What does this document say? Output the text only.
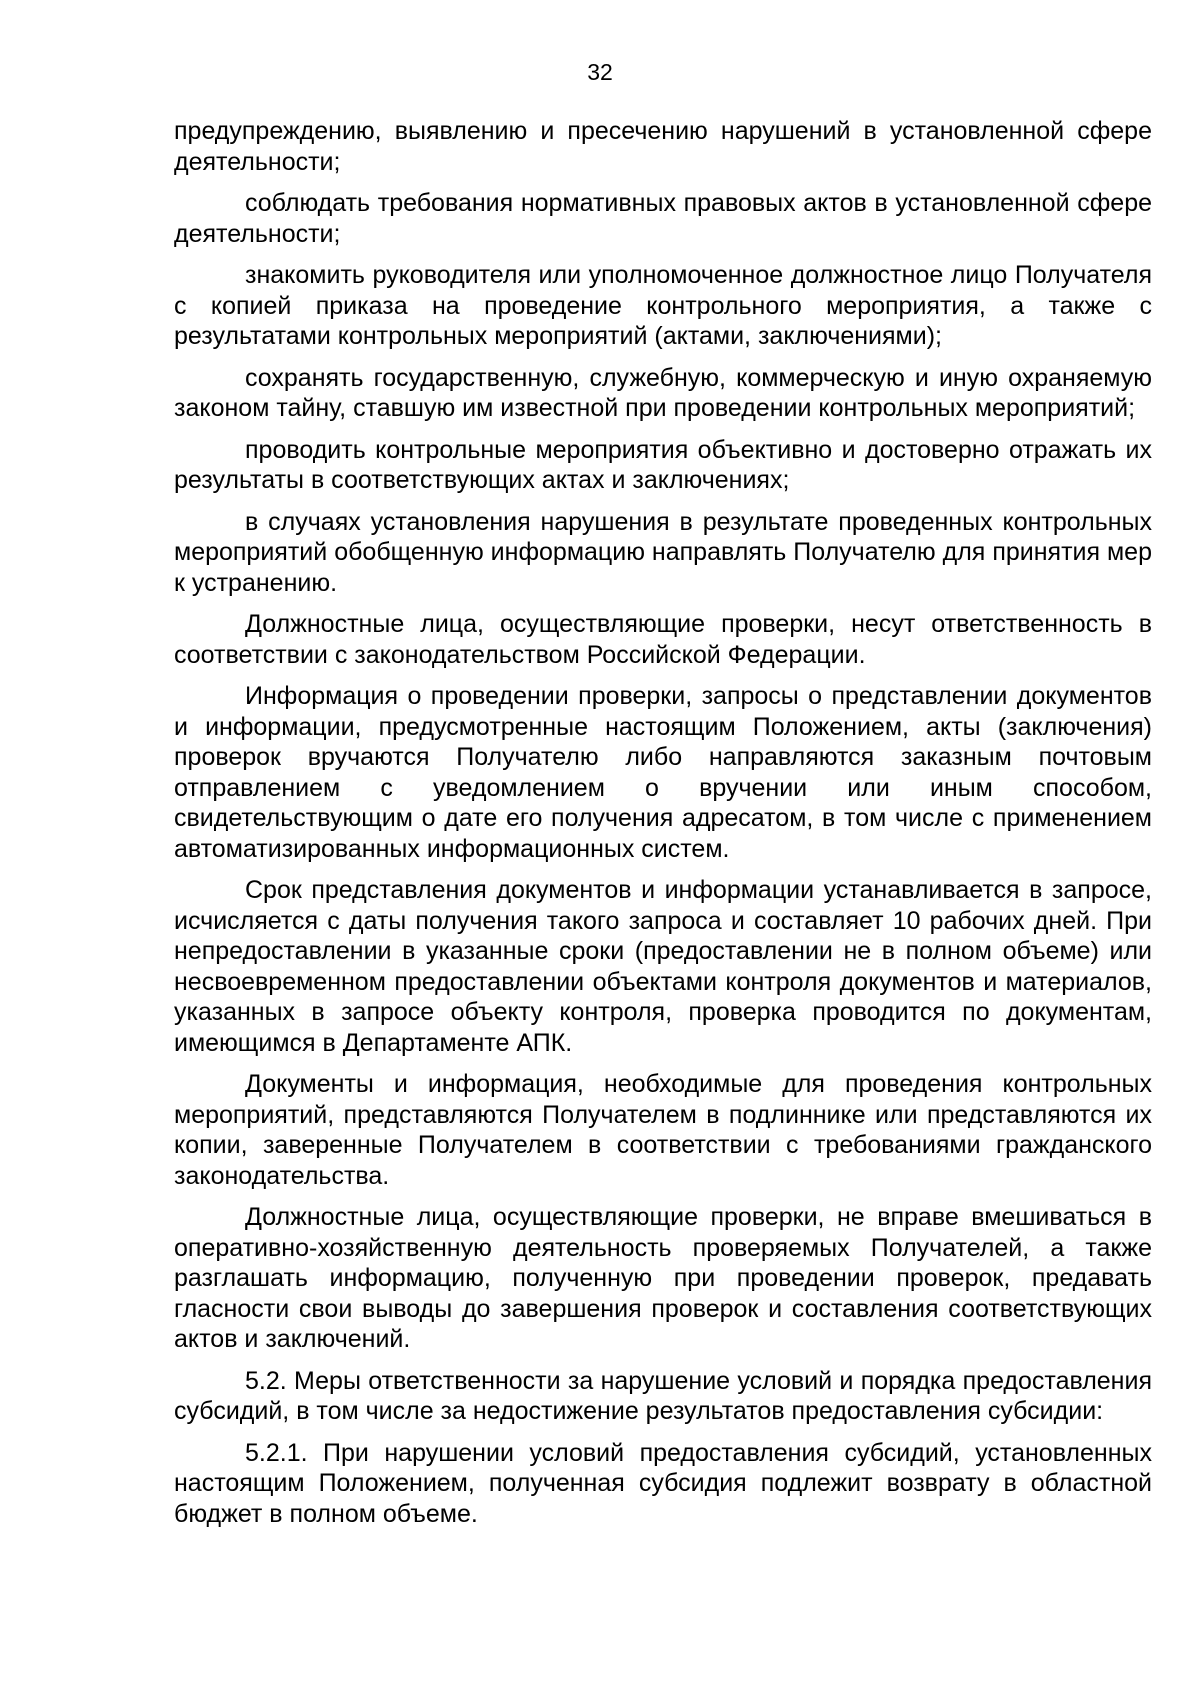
32

предупреждению, выявлению и пресечению нарушений в установленной сфере деятельности;

соблюдать требования нормативных правовых актов в установленной сфере деятельности;

знакомить руководителя или уполномоченное должностное лицо Получателя с копией приказа на проведение контрольного мероприятия, а также с результатами контрольных мероприятий (актами, заключениями);

сохранять государственную, служебную, коммерческую и иную охраняемую законом тайну, ставшую им известной при проведении контрольных мероприятий;

проводить контрольные мероприятия объективно и достоверно отражать их результаты в соответствующих актах и заключениях;

в случаях установления нарушения в результате проведенных контрольных мероприятий обобщенную информацию направлять Получателю для принятия мер к устранению.

Должностные лица, осуществляющие проверки, несут ответственность в соответствии с законодательством Российской Федерации.

Информация о проведении проверки, запросы о представлении документов и информации, предусмотренные настоящим Положением, акты (заключения) проверок вручаются Получателю либо направляются заказным почтовым отправлением с уведомлением о вручении или иным способом, свидетельствующим о дате его получения адресатом, в том числе с применением автоматизированных информационных систем.

Срок представления документов и информации устанавливается в запросе, исчисляется с даты получения такого запроса и составляет 10 рабочих дней. При непредоставлении в указанные сроки (предоставлении не в полном объеме) или несвоевременном предоставлении объектами контроля документов и материалов, указанных в запросе объекту контроля, проверка проводится по документам, имеющимся в Департаменте АПК.

Документы и информация, необходимые для проведения контрольных мероприятий, представляются Получателем в подлиннике или представляются их копии, заверенные Получателем в соответствии с требованиями гражданского законодательства.

Должностные лица, осуществляющие проверки, не вправе вмешиваться в оперативно-хозяйственную деятельность проверяемых Получателей, а также разглашать информацию, полученную при проведении проверок, предавать гласности свои выводы до завершения проверок и составления соответствующих актов и заключений.

5.2. Меры ответственности за нарушение условий и порядка предоставления субсидий, в том числе за недостижение результатов предоставления субсидии:

5.2.1. При нарушении условий предоставления субсидий, установленных настоящим Положением, полученная субсидия подлежит возврату в областной бюджет в полном объеме.
